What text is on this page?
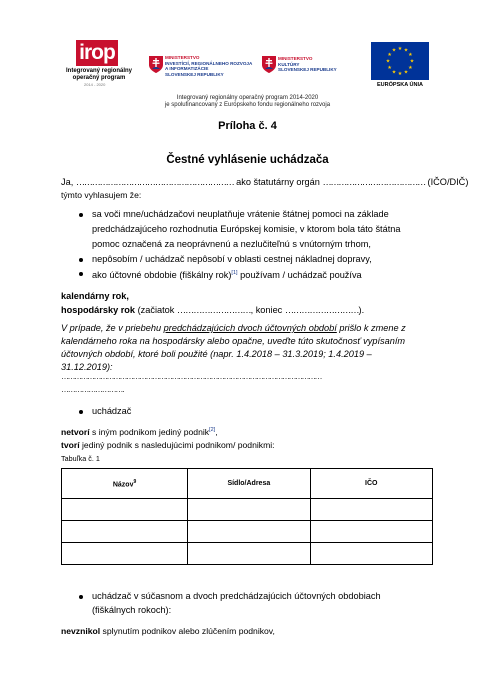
irop
Integrovaný regionálny operačný program
2014 - 2020
MINISTERSTVO
INVESTÍCIÍ, REGIONÁLNEHO ROZVOJA
A INFORMATIZÁCIE
SLOVENSKEJ REPUBLIKY
MINISTERSTVO
KULTÚRY
SLOVENSKEJ REPUBLIKY
★ ★
★
★
★
★
★
★
★
★
★
★
EURÓPSKA ÚNIA
Integrovaný regionálny operačný program 2014-2020
je spolufinancovaný z Európskeho fondu regionálneho rozvoja
Príloha č. 4
Čestné vyhlásenie uchádzača
Ja, …………………………………………………… ako štatutárny orgán ………………………………… (IČO/DIČ)
týmto vyhlasujem že:
sa voči mne/uchádzačovi neuplatňuje vrátenie štátnej pomoci na základe
predchádzajúceho rozhodnutia Európskej komisie, v ktorom bola táto štátna
pomoc označená za neoprávnenú a nezlučiteľnú s vnútorným trhom,
nepôsobím / uchádzač nepôsobí v oblasti cestnej nákladnej dopravy,
ako účtovné obdobie (fiškálny rok)[1] používam / uchádzač používa
kalendárny rok,
hospodársky rok (začiatok ………………………, koniec ………………………).
V prípade, že v priebehu predchádzajúcich dvoch účtovných období prišlo k zmene z
kalendárneho roka na hospodársky alebo opačne, uveďte túto skutočnosť vypísaním
účtovných období, ktoré boli použité (napr. 1.4.2018 – 31.3.2019; 1.4.2019 –
31.12.2019):
…………………………………………………………………………………………………………
……………………….
uchádzač
netvorí s iným podnikom jediný podnik[2],
tvorí jediný podnik s nasledujúcimi podnikom/ podnikmi:
Tabuľka č. 1
Názov$^9$	Sídlo/Adresa	IČO

uchádzač v súčasnom a dvoch predchádzajúcich účtovných obdobiach
(fiškálnych rokoch):
nevznikol splynutím podnikov alebo zlúčením podnikov,
